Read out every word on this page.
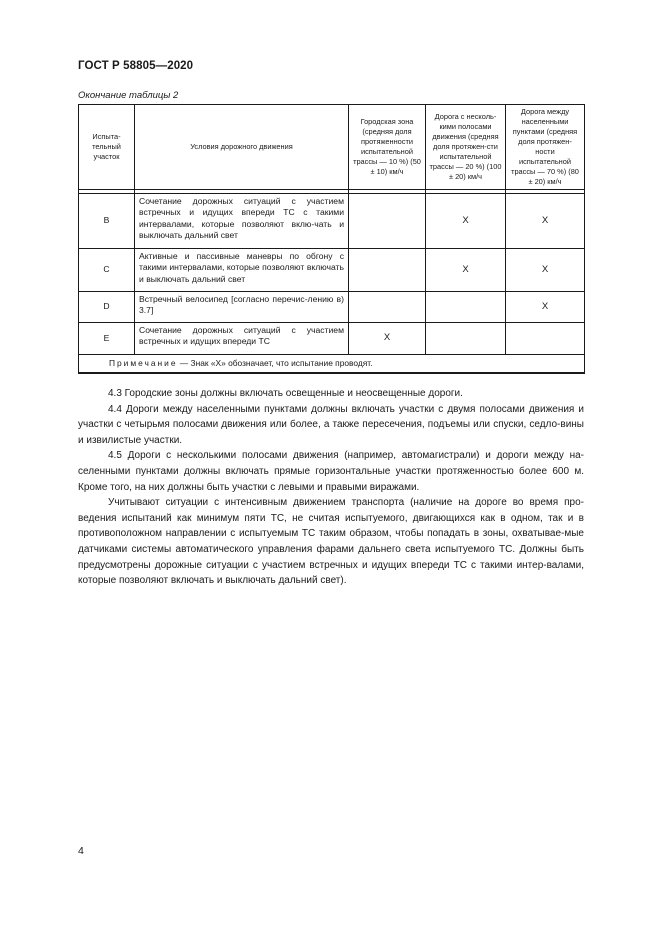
ГОСТ Р 58805—2020
Окончание таблицы 2
Испыта-тельный участок	Условия дорожного движения	Городская зона (средняя доля протяженности испытательной трассы — 10 %) (50 ± 10) км/ч	Дорога с несколь-кими полосами движения (средняя доля протяжен-сти испытательной трассы — 20 %) (100 ± 20) км/ч	Дорога между населенными пунктами (средняя доля протяжен-ности испытательной трассы — 70 %) (80 ± 20) км/ч

B	Сочетание дорожных ситуаций с участием встречных и идущих впереди ТС с такими интервалами, которые позволяют вклю-чать и выключать дальний свет		X	X
C	Активные и пассивные маневры по обгону с такими интервалами, которые позволяют включать и выключать дальний свет		X	X
D	Встречный велосипед [согласно перечис-лению в) 3.7]			X
E	Сочетание дорожных ситуаций с участием встречных и идущих впереди ТС	X		
Примечание — Знак «X» обозначает, что испытание проводят.				

4.3 Городские зоны должны включать освещенные и неосвещенные дороги.

4.4 Дороги между населенными пунктами должны включать участки с двумя полосами движения и участки с четырьмя полосами движения или более, а также пересечения, подъемы или спуски, седло-вины и извилистые участки.

4.5 Дороги с несколькими полосами движения (например, автомагистрали) и дороги между на-селенными пунктами должны включать прямые горизонтальные участки протяженностью более 600 м. Кроме того, на них должны быть участки с левыми и правыми виражами.

Учитывают ситуации с интенсивным движением транспорта (наличие на дороге во время про-ведения испытаний как минимум пяти ТС, не считая испытуемого, двигающихся как в одном, так и в противоположном направлении с испытуемым ТС таким образом, чтобы попадать в зоны, охватывае-мые датчиками системы автоматического управления фарами дальнего света испытуемого ТС. Должны быть предусмотрены дорожные ситуации с участием встречных и идущих впереди ТС с такими интер-валами, которые позволяют включать и выключать дальний свет).

4
